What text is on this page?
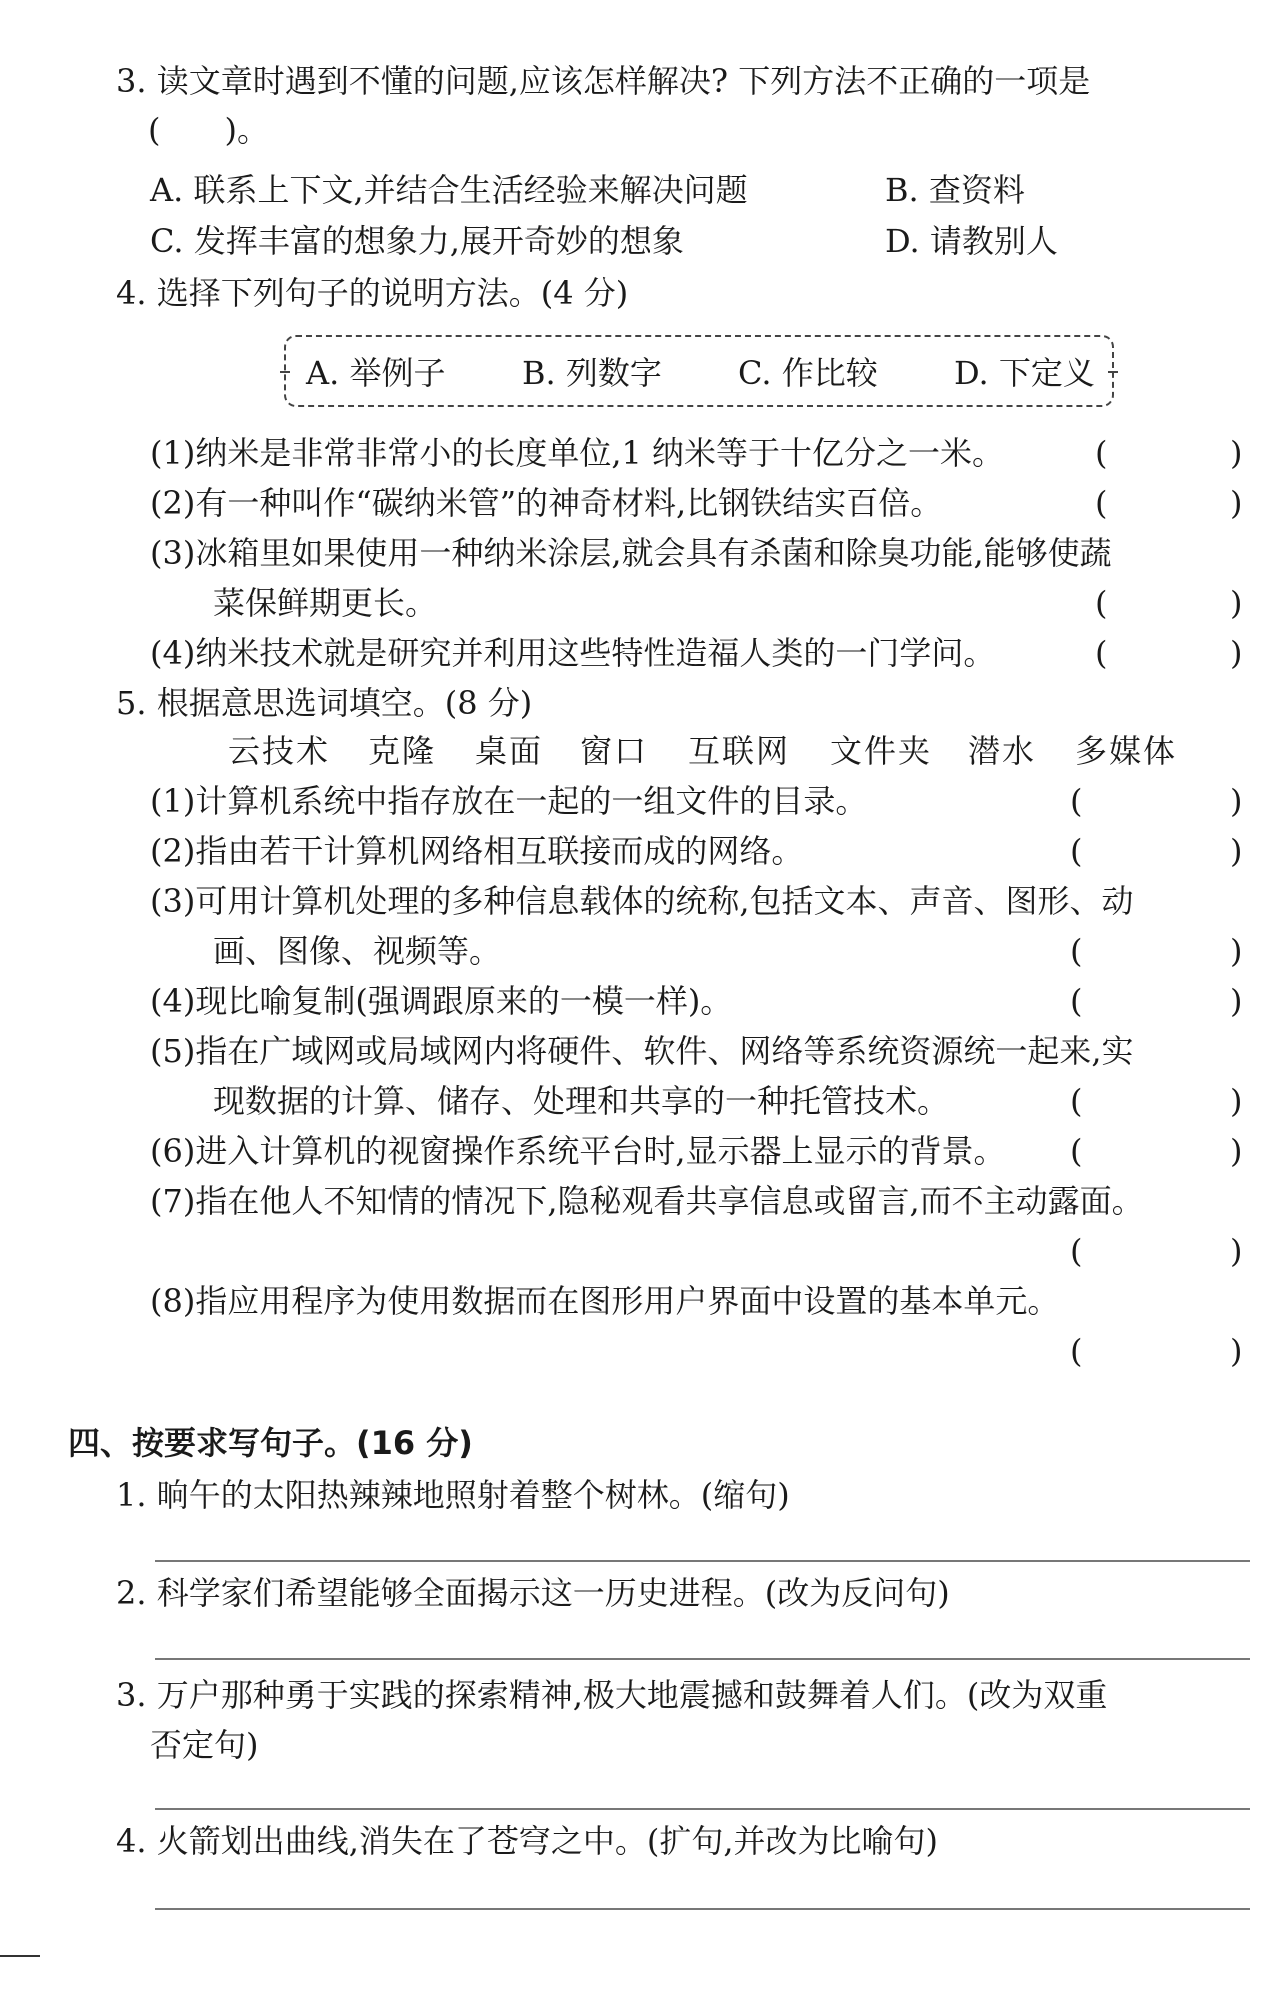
3. 读文章时遇到不懂的问题,应该怎样解决? 下列方法不正确的一项是
(　　)。
A. 联系上下文,并结合生活经验来解决问题	B. 查资料
C. 发挥丰富的想象力,展开奇妙的想象	D. 请教别人
4. 选择下列句子的说明方法。(4 分)
A. 举例子 B. 列数字 C. 作比较 D. 下定义
(1)纳米是非常非常小的长度单位,1 纳米等于十亿分之一米。	(	)
(2)有一种叫作“碳纳米管”的神奇材料,比钢铁结实百倍。	(	)
(3)冰箱里如果使用一种纳米涂层,就会具有杀菌和除臭功能,能够使蔬
菜保鲜期更长。	(	)
(4)纳米技术就是研究并利用这些特性造福人类的一门学问。	(	)
5. 根据意思选词填空。(8 分)
云技术 克隆 桌面 窗口 互联网 文件夹 潜水 多媒体
(1)计算机系统中指存放在一起的一组文件的目录。	(	)
(2)指由若干计算机网络相互联接而成的网络。	(	)
(3)可用计算机处理的多种信息载体的统称,包括文本、声音、图形、动
画、图像、视频等。	(	)
(4)现比喻复制(强调跟原来的一模一样)。	(	)
(5)指在广域网或局域网内将硬件、软件、网络等系统资源统一起来,实
现数据的计算、储存、处理和共享的一种托管技术。	(	)
(6)进入计算机的视窗操作系统平台时,显示器上显示的背景。 (	)
(7)指在他人不知情的情况下,隐秘观看共享信息或留言,而不主动露面。
(	)
(8)指应用程序为使用数据而在图形用户界面中设置的基本单元。
(	)
四、按要求写句子。(16 分)
1. 晌午的太阳热辣辣地照射着整个树林。(缩句)
2. 科学家们希望能够全面揭示这一历史进程。(改为反问句)
3. 万户那种勇于实践的探索精神,极大地震撼和鼓舞着人们。(改为双重
否定句)
4. 火箭划出曲线,消失在了苍穹之中。(扩句,并改为比喻句)
